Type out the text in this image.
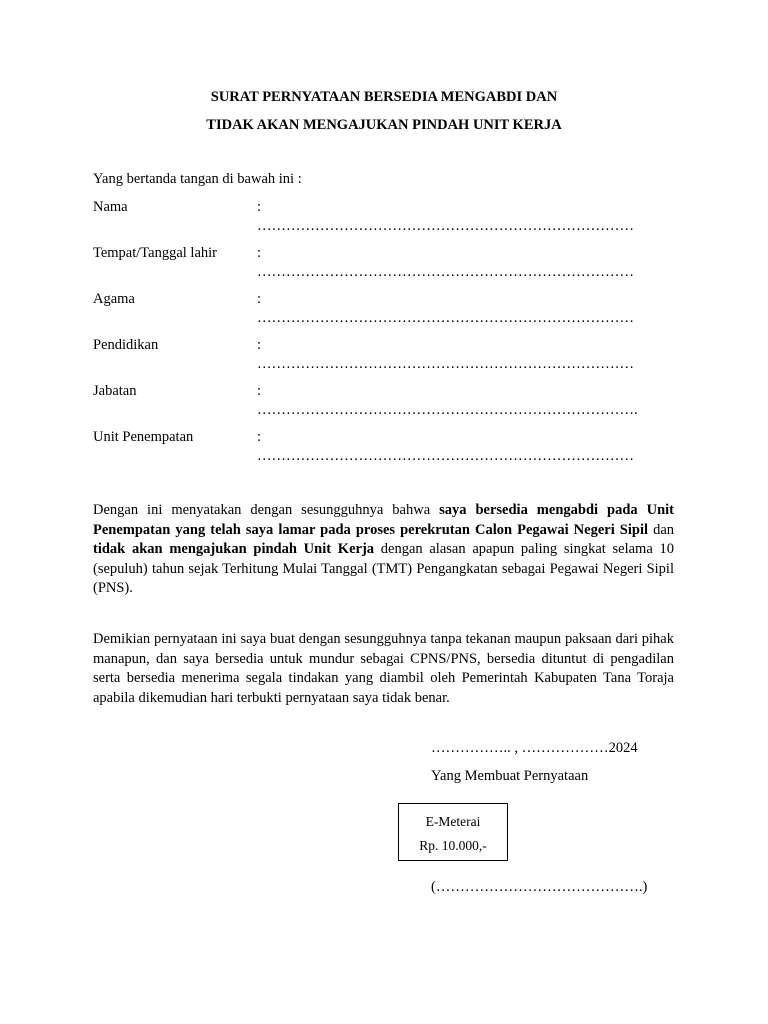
SURAT PERNYATAAN BERSEDIA MENGABDI DAN
TIDAK AKAN MENGAJUKAN PINDAH UNIT KERJA
Yang bertanda tangan di bawah ini :
Nama	:
……………………………………………………………………
Tempat/Tanggal lahir	:
……………………………………………………………………
Agama	:
……………………………………………………………………
Pendidikan	:
……………………………………………………………………
Jabatan	:
…………………………………………………………………….
Unit Penempatan	:
……………………………………………………………………
Dengan ini menyatakan dengan sesungguhnya bahwa saya bersedia mengabdi pada Unit Penempatan yang telah saya lamar pada proses perekrutan Calon Pegawai Negeri Sipil dan tidak akan mengajukan pindah Unit Kerja dengan alasan apapun paling singkat selama 10 (sepuluh) tahun sejak Terhitung Mulai Tanggal (TMT) Pengangkatan sebagai Pegawai Negeri Sipil (PNS).
Demikian pernyataan ini saya buat dengan sesungguhnya tanpa tekanan maupun paksaan dari pihak manapun, dan saya bersedia untuk mundur sebagai CPNS/PNS, bersedia dituntut di pengadilan serta bersedia menerima segala tindakan yang diambil oleh Pemerintah Kabupaten Tana Toraja apabila dikemudian hari terbukti pernyataan saya tidak benar.
…………….. , ………………2024
Yang Membuat Pernyataan
E-Meterai
Rp. 10.000,-
(…………………………………….)
